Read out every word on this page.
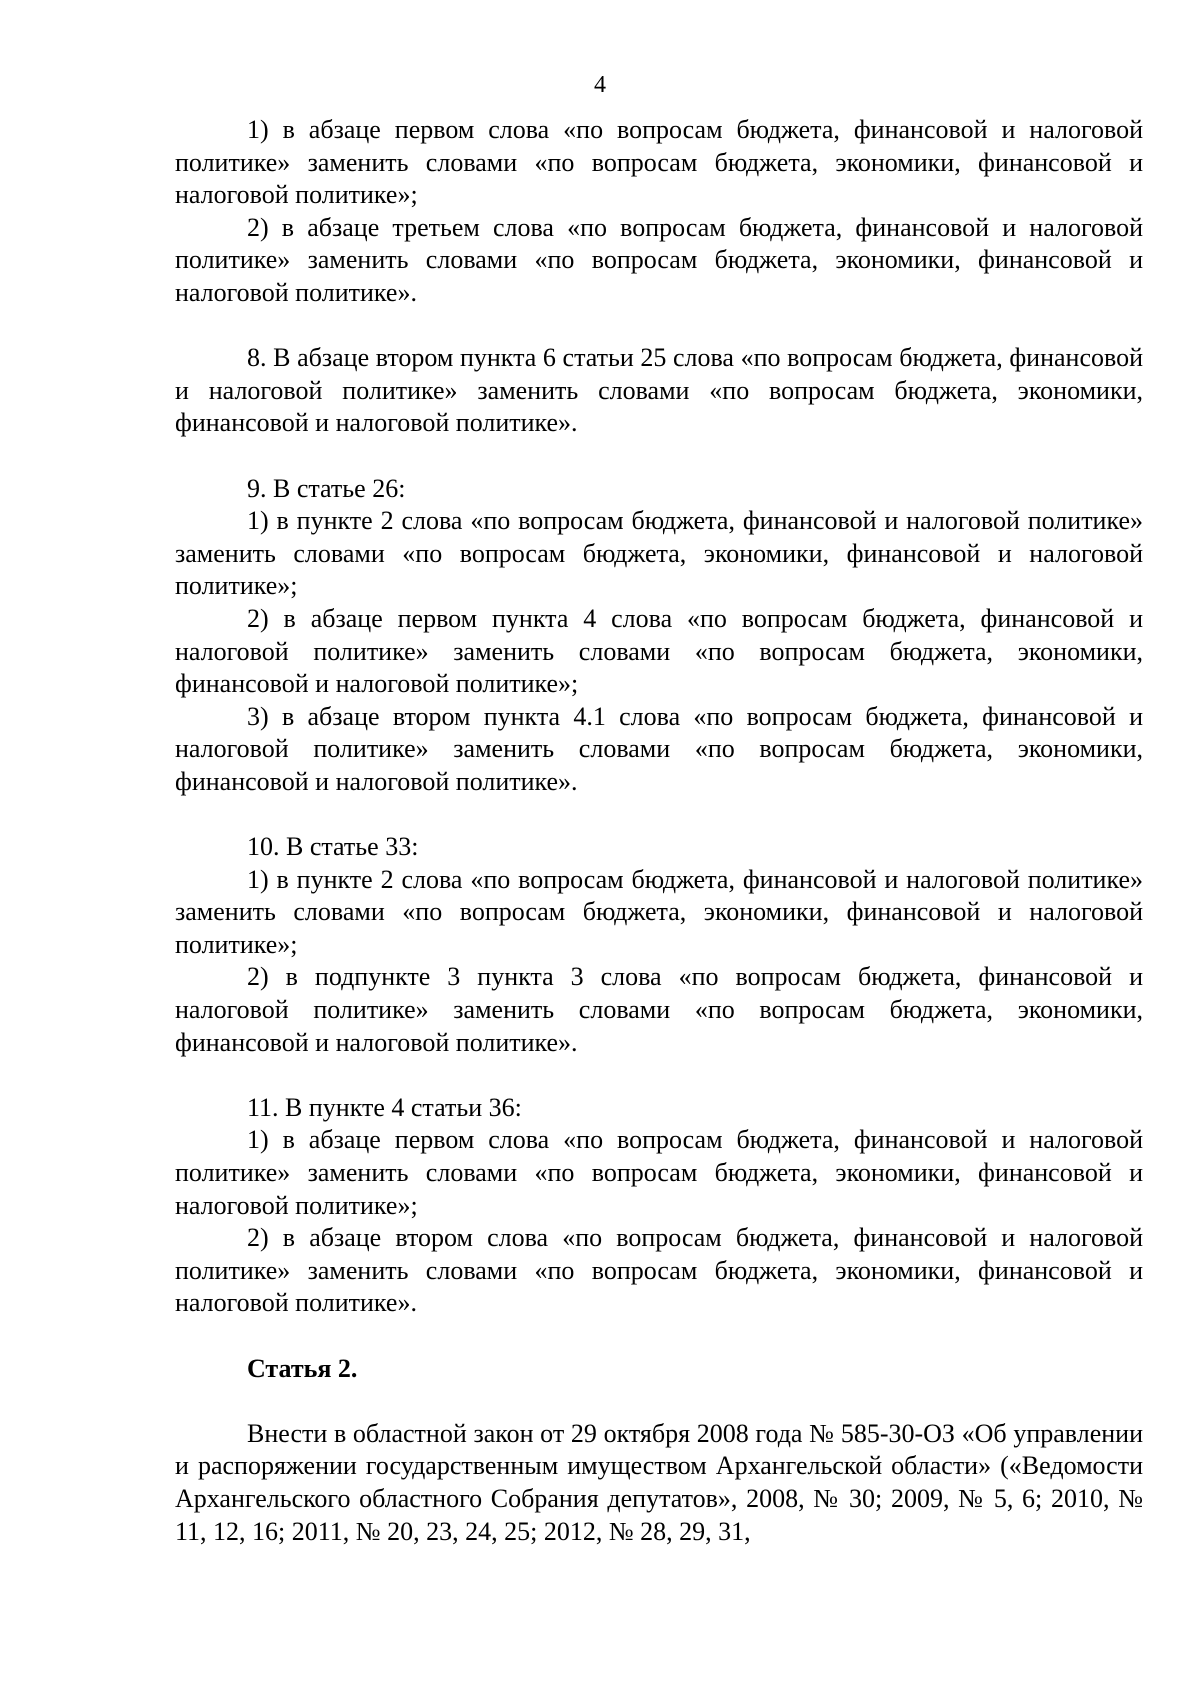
4

1) в абзаце первом слова «по вопросам бюджета, финансовой и налоговой политике» заменить словами «по вопросам бюджета, экономики, финансовой и налоговой политике»;

2) в абзаце третьем слова «по вопросам бюджета, финансовой и налоговой политике» заменить словами «по вопросам бюджета, экономики, финансовой и налоговой политике».

8. В абзаце втором пункта 6 статьи 25 слова «по вопросам бюджета, финансовой и налоговой политике» заменить словами «по вопросам бюджета, экономики, финансовой и налоговой политике».

9. В статье 26:

1) в пункте 2 слова «по вопросам бюджета, финансовой и налоговой политике» заменить словами «по вопросам бюджета, экономики, финансовой и налоговой политике»;

2) в абзаце первом пункта 4 слова «по вопросам бюджета, финансовой и налоговой политике» заменить словами «по вопросам бюджета, экономики, финансовой и налоговой политике»;

3) в абзаце втором пункта 4.1 слова «по вопросам бюджета, финансовой и налоговой политике» заменить словами «по вопросам бюджета, экономики, финансовой и налоговой политике».

10. В статье 33:

1) в пункте 2 слова «по вопросам бюджета, финансовой и налоговой политике» заменить словами «по вопросам бюджета, экономики, финансовой и налоговой политике»;

2) в подпункте 3 пункта 3 слова «по вопросам бюджета, финансовой и налоговой политике» заменить словами «по вопросам бюджета, экономики, финансовой и налоговой политике».

11. В пункте 4 статьи 36:

1) в абзаце первом слова «по вопросам бюджета, финансовой и налоговой политике» заменить словами «по вопросам бюджета, экономики, финансовой и налоговой политике»;

2) в абзаце втором слова «по вопросам бюджета, финансовой и налоговой политике» заменить словами «по вопросам бюджета, экономики, финансовой и налоговой политике».

Статья 2.

Внести в областной закон от 29 октября 2008 года № 585-30-ОЗ «Об управлении и распоряжении государственным имуществом Архангельской области» («Ведомости Архангельского областного Собрания депутатов», 2008, № 30; 2009, № 5, 6; 2010, № 11, 12, 16; 2011, № 20, 23, 24, 25; 2012, № 28, 29, 31,
